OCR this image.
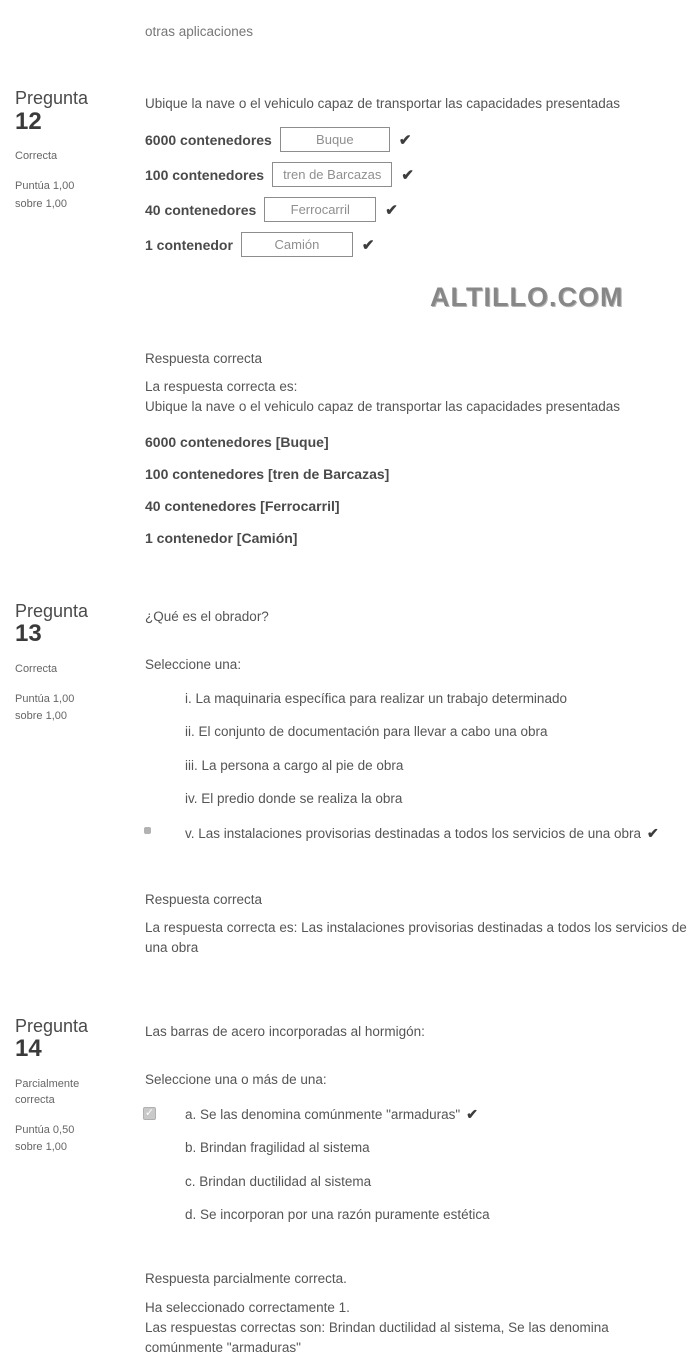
otras aplicaciones
Pregunta
12
Correcta
Puntúa 1,00 sobre 1,00

Ubique la nave o el vehiculo capaz de transportar las capacidades presentadas

6000 contenedores	Buque	✔
100 contenedores	tren de Barcazas	✔
40 contenedores	Ferrocarril	✔
1 contenedor	Camión	✔
ALTILLO.COM

Respuesta correcta

La respuesta correcta es:
Ubique la nave o el vehiculo capaz de transportar las capacidades presentadas

6000 contenedores [Buque]
100 contenedores [tren de Barcazas]
40 contenedores [Ferrocarril]
1 contenedor [Camión]
Pregunta
13
Correcta
Puntúa 1,00 sobre 1,00

¿Qué es el obrador?

Seleccione una:

i. La maquinaria específica para realizar un trabajo determinado
ii. El conjunto de documentación para llevar a cabo una obra
iii. La persona a cargo al pie de obra
iv. El predio donde se realiza la obra
v. Las instalaciones provisorias destinadas a todos los servicios de una obra ✔

Respuesta correcta

La respuesta correcta es: Las instalaciones provisorias destinadas a todos los servicios de una obra

Pregunta
14
Parcialmente correcta
Puntúa 0,50 sobre 1,00

Las barras de acero incorporadas al hormigón:

Seleccione una o más de una:

✓ a. Se las denomina comúnmente "armaduras" ✔
b. Brindan fragilidad al sistema
c. Brindan ductilidad al sistema
d. Se incorporan por una razón puramente estética

Respuesta parcialmente correcta.

Ha seleccionado correctamente 1.
Las respuestas correctas son: Brindan ductilidad al sistema, Se las denomina comúnmente "armaduras"
